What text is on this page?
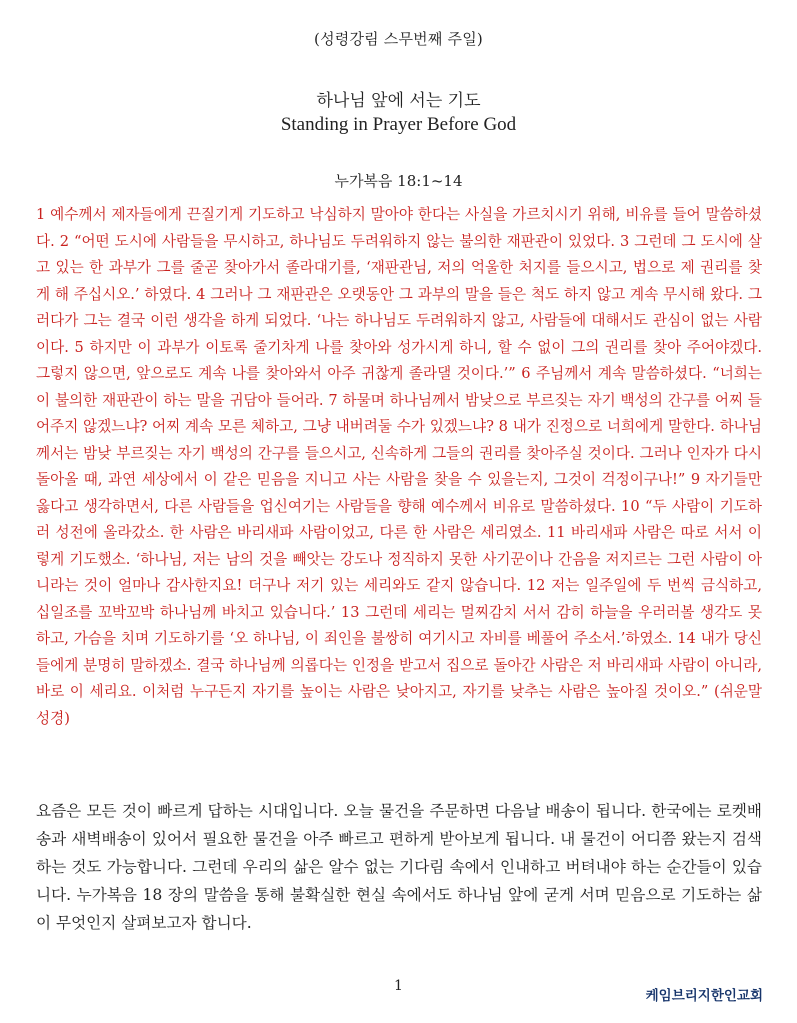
(성령강림 스무번째 주일)
하나님 앞에 서는 기도
Standing in Prayer Before God
누가복음 18:1~14

1 예수께서 제자들에게 끈질기게 기도하고 낙심하지 말아야 한다는 사실을 가르치시기 위해, 비유를 들어 말씀하셨다. 2 “어떤 도시에 사람들을 무시하고, 하나님도 두려워하지 않는 불의한 재판관이 있었다. 3 그런데 그 도시에 살고 있는 한 과부가 그를 줄곧 찾아가서 졸라대기를, ‘재판관님, 저의 억울한 처지를 들으시고, 법으로 제 권리를 찾게 해 주십시오.’ 하였다. 4 그러나 그 재판관은 오랫동안 그 과부의 말을 들은 척도 하지 않고 계속 무시해 왔다. 그러다가 그는 결국 이런 생각을 하게 되었다. ‘나는 하나님도 두려워하지 않고, 사람들에 대해서도 관심이 없는 사람이다. 5 하지만 이 과부가 이토록 줄기차게 나를 찾아와 성가시게 하니, 할 수 없이 그의 권리를 찾아 주어야겠다. 그렇지 않으면, 앞으로도 계속 나를 찾아와서 아주 귀찮게 졸라댈 것이다.’” 6 주님께서 계속 말씀하셨다. “너희는 이 불의한 재판관이 하는 말을 귀담아 들어라. 7 하물며 하나님께서 밤낮으로 부르짖는 자기 백성의 간구를 어찌 들어주지 않겠느냐? 어찌 계속 모른 체하고, 그냥 내버려둘 수가 있겠느냐? 8 내가 진정으로 너희에게 말한다. 하나님께서는 밤낮 부르짖는 자기 백성의 간구를 들으시고, 신속하게 그들의 권리를 찾아주실 것이다. 그러나 인자가 다시 돌아올 때, 과연 세상에서 이 같은 믿음을 지니고 사는 사람을 찾을 수 있을는지, 그것이 걱정이구나!” 9 자기들만 옳다고 생각하면서, 다른 사람들을 업신여기는 사람들을 향해 예수께서 비유로 말씀하셨다. 10 “두 사람이 기도하러 성전에 올라갔소. 한 사람은 바리새파 사람이었고, 다른 한 사람은 세리였소. 11 바리새파 사람은 따로 서서 이렇게 기도했소. ‘하나님, 저는 남의 것을 빼앗는 강도나 정직하지 못한 사기꾼이나 간음을 저지르는 그런 사람이 아니라는 것이 얼마나 감사한지요! 더구나 저기 있는 세리와도 같지 않습니다. 12 저는 일주일에 두 번씩 금식하고, 십일조를 꼬박꼬박 하나님께 바치고 있습니다.’ 13 그런데 세리는 멀찌감치 서서 감히 하늘을 우러러볼 생각도 못하고, 가슴을 치며 기도하기를 ‘오 하나님, 이 죄인을 불쌍히 여기시고 자비를 베풀어 주소서.’하였소. 14 내가 당신들에게 분명히 말하겠소. 결국 하나님께 의롭다는 인정을 받고서 집으로 돌아간 사람은 저 바리새파 사람이 아니라, 바로 이 세리요. 이처럼 누구든지 자기를 높이는 사람은 낮아지고, 자기를 낮추는 사람은 높아질 것이오.” (쉬운말 성경)

요즘은 모든 것이 빠르게 답하는 시대입니다. 오늘 물건을 주문하면 다음날 배송이 됩니다. 한국에는 로켓배송과 새벽배송이 있어서 필요한 물건을 아주 빠르고 편하게 받아보게 됩니다. 내 물건이 어디쯤 왔는지 검색하는 것도 가능합니다. 그런데 우리의 삶은 알수 없는 기다림 속에서 인내하고 버텨내야 하는 순간들이 있습니다. 누가복음 18 장의 말씀을 통해 불확실한 현실 속에서도 하나님 앞에 굳게 서며 믿음으로 기도하는 삶이 무엇인지 살펴보고자 합니다.

1
케임브리지한인교회
